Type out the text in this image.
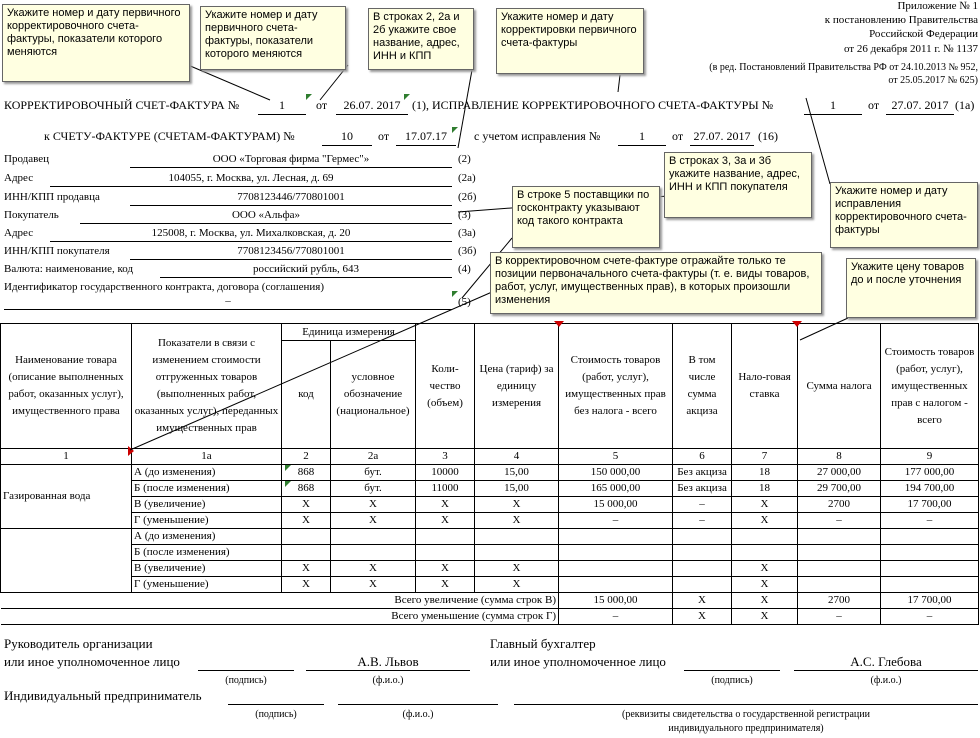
Приложение № 1
к постановлению Правительства
Российской Федерации
от 26 декабря 2011 г. № 1137
(в ред. Постановлений Правительства РФ от 24.10.2013 № 952,
от 25.05.2017 № 625)
КОРРЕКТИРОВОЧНЫЙ СЧЕТ-ФАКТУРА №	1	от	26.07. 2017 (1), ИСПРАВЛЕНИЕ КОРРЕКТИРОВОЧНОГО СЧЕТА-ФАКТУРЫ №	1	от	27.07. 2017 (1а)
к СЧЕТУ-ФАКТУРЕ (СЧЕТАМ-ФАКТУРАМ) №	10	от	17.07.17	с учетом исправления №	1	от 27.07. 2017 (16)
Продавец	ООО «Торговая фирма "Гермес"»	(2)
Адрес	104055, г. Москва, ул. Лесная, д. 69	(2а)
ИНН/КПП продавца	7708123446/770801001	(2б)
Покупатель	ООО «Альфа»	(3)
Адрес	125008, г. Москва, ул. Михалковская, д. 20	(3а)
ИНН/КПП покупателя	7708123456/770801001	(3б)
Валюта: наименование, код	российский рубль, 643	(4)
Идентификатор государственного контракта, договора (соглашения)
–	(5)
Укажите номер и дату первичного корректировочного счета-фактуры, показатели которого меняются
Укажите номер и дату первичного счета-фактуры, показатели которого меняются
В строках 2, 2а и 2б укажите свое название, адрес, ИНН и КПП
Укажите номер и дату корректировки первичного счета-фактуры
В строках 3, 3а и 3б укажите название, адрес, ИНН и КПП покупателя	Укажите номер и дату исправления корректировочного счета-фактуры
В строке 5 поставщики по госконтракту указывают код такого контракта
В корректировочном счете-фактуре отражайте только те позиции первоначального счета-фактуры (т. е. виды товаров, работ, услуг, имущественных прав), в которых произошли изменения
Укажите цену товаров до и после уточнения
Наименование товара (описание выполненных работ, оказанных услуг), имущественного права	Показатели в связи с изменением стоимости отгруженных товаров (выполненных работ, оказанных услуг), переданных имущественных прав	Единица измерения		Коли-чество (объем)	Цена (тариф) за единицу измерения	Стоимость товаров (работ, услуг), имущественных прав без налога - всего	В том числе сумма акциза	Нало-говая ставка	Сумма налога	Стоимость товаров (работ, услуг), имущественных прав с налогом - всего
		код	условное обозначение (национальное)							
1	1а	2	2а	3	4	5	6	7	8	9
Газированная вода	А (до изменения)	868	бут.	10000	15,00	150 000,00	Без акциза	18	27 000,00	177 000,00
	Б (после изменения)	868	бут.	11000	15,00	165 000,00	Без акциза	18	29 700,00	194 700,00
	В (увеличение)	X	X	X	X	15 000,00	–	X	2700	17 700,00
	Г (уменьшение)	X	X	X	X	–	–	X	–	–
	А (до изменения)									
	Б (после изменения)									
	В (увеличение)	X	X	X	X			X		
	Г (уменьшение)	X	X	X	X			X		
Всего увеличение (сумма строк В)						15 000,00	X	X	2700	17 700,00
Всего уменьшение (сумма строк Г)						–	X	X	–	–
Руководитель организации
или иное уполномоченное лицо
(подпись)
А.В. Львов
(ф.и.о.)
Главный бухгалтер
или иное уполномоченное лицо
(подпись)
А.С. Глебова
(ф.и.о.)
Индивидуальный предприниматель
(подпись)	(ф.и.о.)	(реквизиты свидетельства о государственной регистрации
индивидуального предпринимателя)
